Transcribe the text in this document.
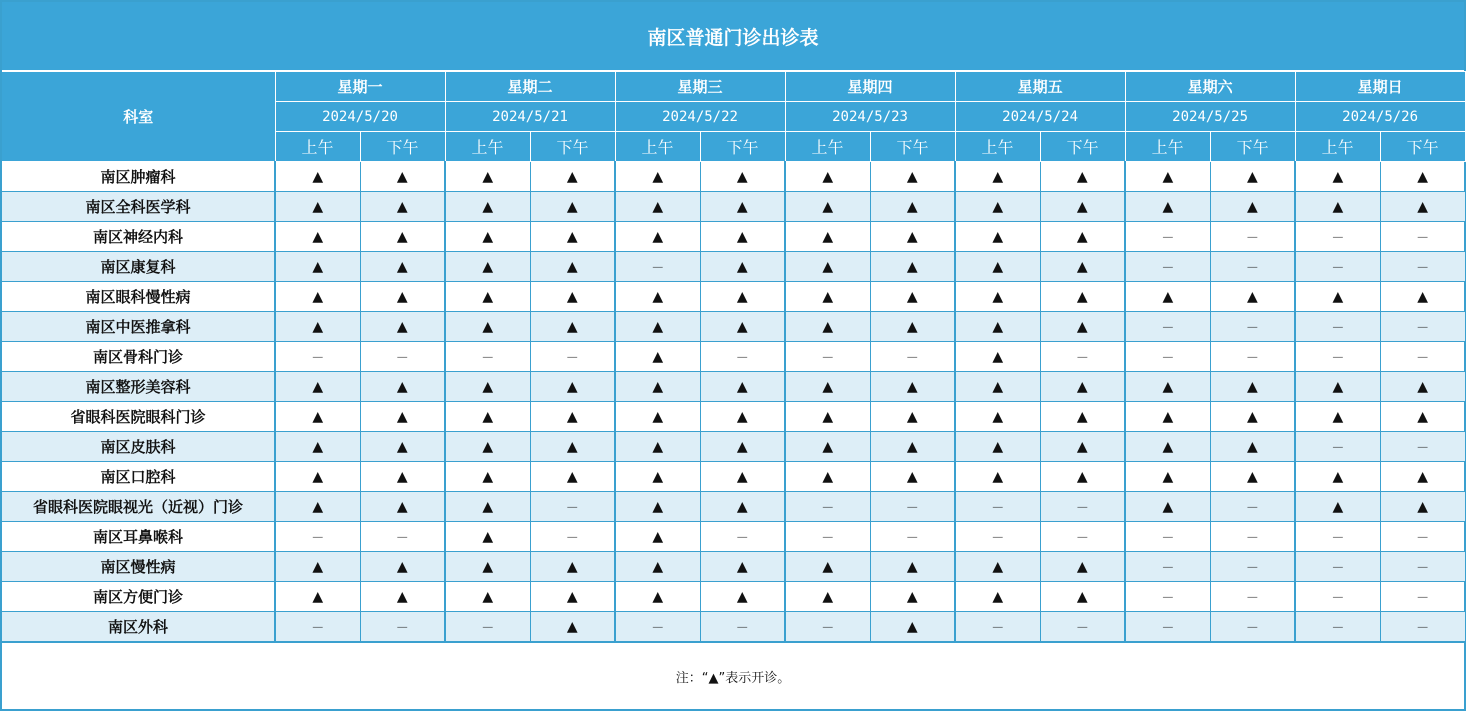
南区普通门诊出诊表
科室	星期一		星期二		星期三		星期四		星期五		星期六		星期日	
	2024/5/20		2024/5/21		2024/5/22		2024/5/23		2024/5/24		2024/5/25		2024/5/26	
	上午	下午	上午	下午	上午	下午	上午	下午	上午	下午	上午	下午	上午	下午
南区肿瘤科	▲	▲	▲	▲	▲	▲	▲	▲	▲	▲	▲	▲	▲	▲
南区全科医学科	▲	▲	▲	▲	▲	▲	▲	▲	▲	▲	▲	▲	▲	▲
南区神经内科	▲	▲	▲	▲	▲	▲	▲	▲	▲	▲	－	－	－	－
南区康复科	▲	▲	▲	▲	－	▲	▲	▲	▲	▲	－	－	－	－
南区眼科慢性病	▲	▲	▲	▲	▲	▲	▲	▲	▲	▲	▲	▲	▲	▲
南区中医推拿科	▲	▲	▲	▲	▲	▲	▲	▲	▲	▲	－	－	－	－
南区骨科门诊	－	－	－	－	▲	－	－	－	▲	－	－	－	－	－
南区整形美容科	▲	▲	▲	▲	▲	▲	▲	▲	▲	▲	▲	▲	▲	▲
省眼科医院眼科门诊	▲	▲	▲	▲	▲	▲	▲	▲	▲	▲	▲	▲	▲	▲
南区皮肤科	▲	▲	▲	▲	▲	▲	▲	▲	▲	▲	▲	▲	－	－
南区口腔科	▲	▲	▲	▲	▲	▲	▲	▲	▲	▲	▲	▲	▲	▲
省眼科医院眼视光（近视）门诊	▲	▲	▲	－	▲	▲	－	－	－	－	▲	－	▲	▲
南区耳鼻喉科	－	－	▲	－	▲	－	－	－	－	－	－	－	－	－
南区慢性病	▲	▲	▲	▲	▲	▲	▲	▲	▲	▲	－	－	－	－
南区方便门诊	▲	▲	▲	▲	▲	▲	▲	▲	▲	▲	－	－	－	－
南区外科	－	－	－	▲	－	－	－	▲	－	－	－	－	－	－
注：“▲”表示开诊。
